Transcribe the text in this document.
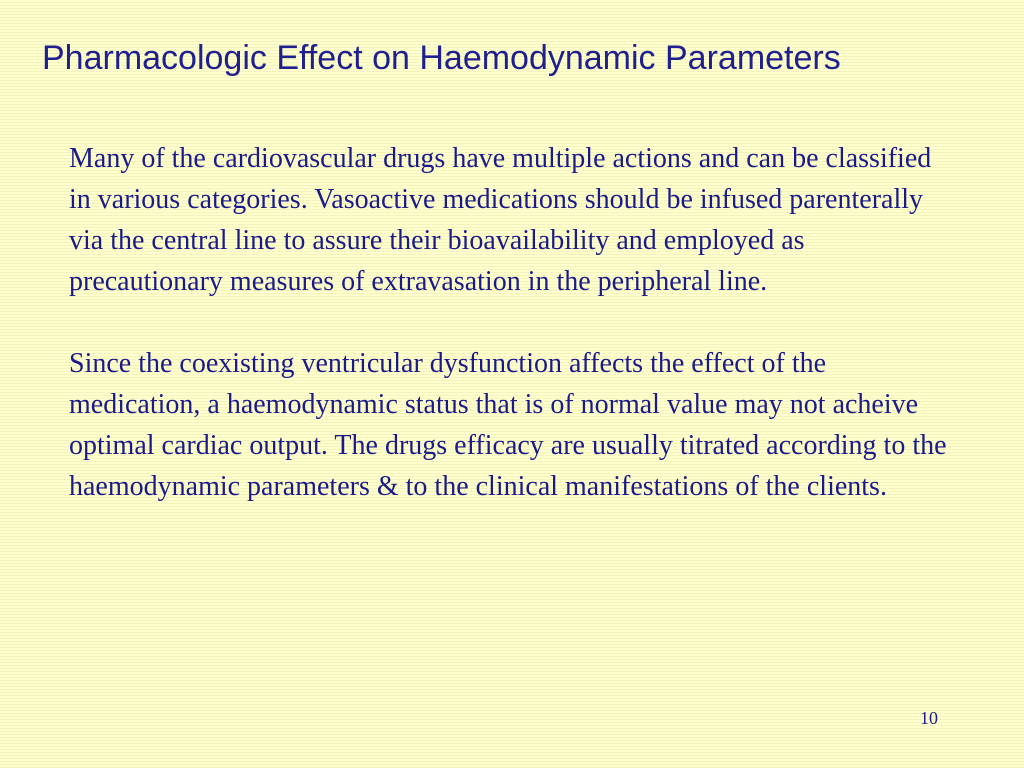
Pharmacologic Effect on Haemodynamic Parameters

Many of the cardiovascular drugs have multiple actions and can be classified in various categories. Vasoactive medications should be infused parenterally via the central line to assure their bioavailability and employed as precautionary measures of extravasation in the peripheral line.

Since the coexisting ventricular dysfunction affects the effect of the medication, a haemodynamic status that is of normal value may not acheive optimal cardiac output. The drugs efficacy are usually titrated according to the haemodynamic parameters & to the clinical manifestations of the clients.

10
